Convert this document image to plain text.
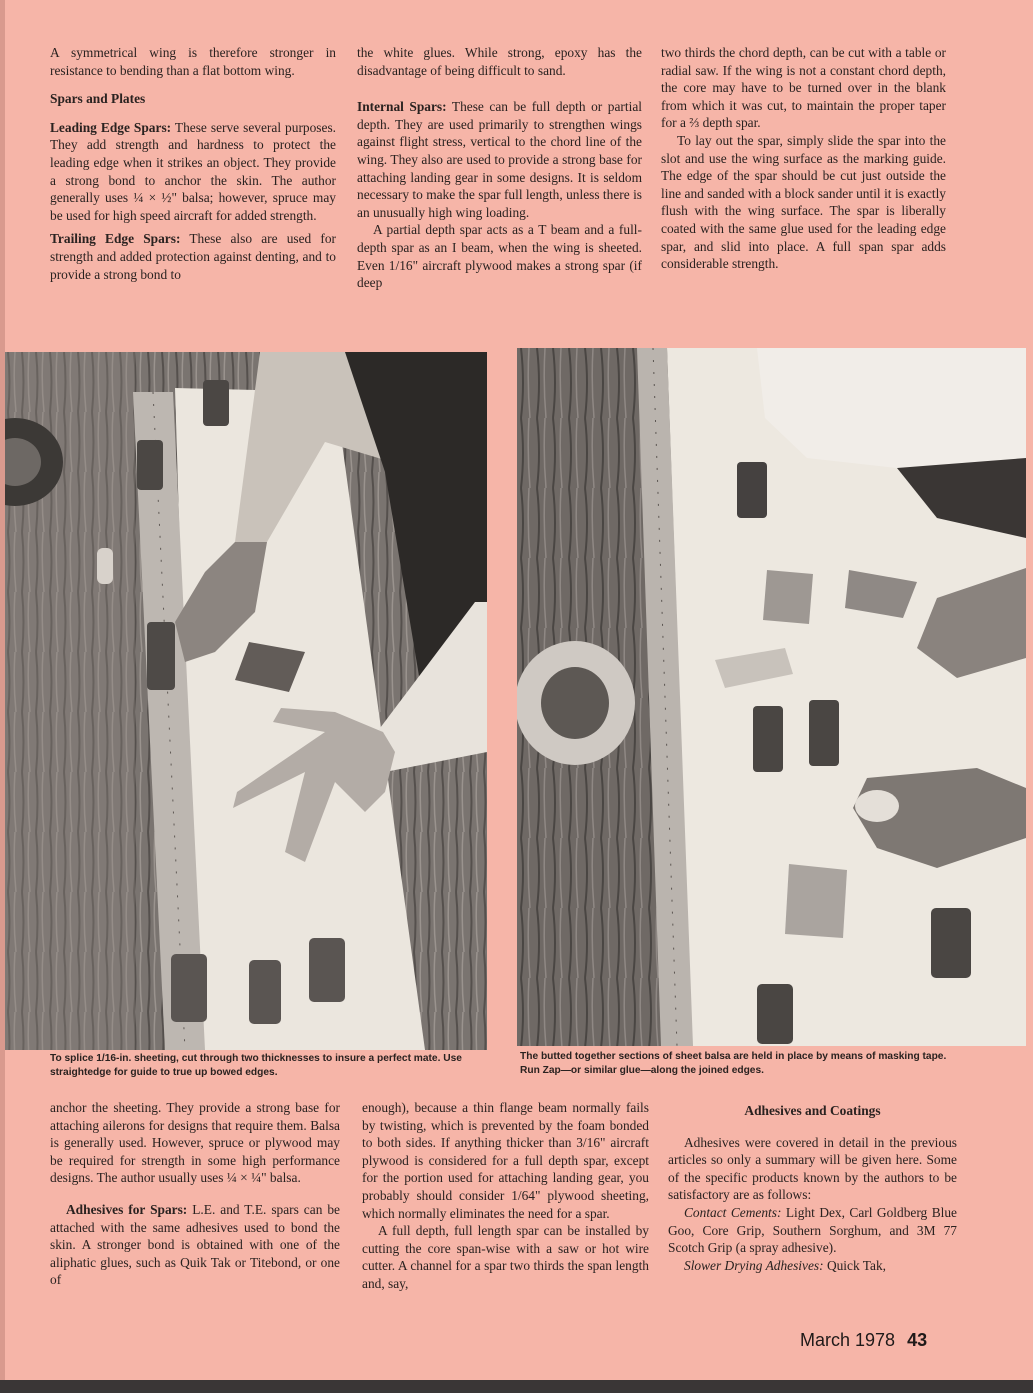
A symmetrical wing is therefore stronger in resistance to bending than a flat bottom wing.

Spars and Plates

Leading Edge Spars: These serve several purposes. They add strength and hardness to protect the leading edge when it strikes an object. They provide a strong bond to anchor the skin. The author generally uses ¼ × ½" balsa; however, spruce may be used for high speed aircraft for added strength.

Trailing Edge Spars: These also are used for strength and added protection against denting, and to provide a strong bond to

the white glues. While strong, epoxy has the disadvantage of being difficult to sand.

Internal Spars: These can be full depth or partial depth. They are used primarily to strengthen wings against flight stress, vertical to the chord line of the wing. They also are used to provide a strong base for attaching landing gear in some designs. It is seldom necessary to make the spar full length, unless there is an unusually high wing loading.

A partial depth spar acts as a T beam and a full-depth spar as an I beam, when the wing is sheeted. Even 1/16" aircraft plywood makes a strong spar (if deep

two thirds the chord depth, can be cut with a table or radial saw. If the wing is not a constant chord depth, the core may have to be turned over in the blank from which it was cut, to maintain the proper taper for a ⅔ depth spar.

To lay out the spar, simply slide the spar into the slot and use the wing surface as the marking guide. The edge of the spar should be cut just outside the line and sanded with a block sander until it is exactly flush with the wing surface. The spar is liberally coated with the same glue used for the leading edge spar, and slid into place. A full span spar adds considerable strength.

To splice 1/16-in. sheeting, cut through two thicknesses to insure a perfect mate. Use straightedge for guide to true up bowed edges.
The butted together sections of sheet balsa are held in place by means of masking tape. Run Zap—or similar glue—along the joined edges.

anchor the sheeting. They provide a strong base for attaching ailerons for designs that require them. Balsa is generally used. However, spruce or plywood may be required for strength in some high performance designs. The author usually uses ¼ × ¼" balsa.

Adhesives for Spars: L.E. and T.E. spars can be attached with the same adhesives used to bond the skin. A stronger bond is obtained with one of the aliphatic glues, such as Quik Tak or Titebond, or one of

enough), because a thin flange beam normally fails by twisting, which is prevented by the foam bonded to both sides. If anything thicker than 3/16" aircraft plywood is considered for a full depth spar, except for the portion used for attaching landing gear, you probably should consider 1/64" plywood sheeting, which normally eliminates the need for a spar.

A full depth, full length spar can be installed by cutting the core span-wise with a saw or hot wire cutter. A channel for a spar two thirds the span length and, say,

Adhesives and Coatings

Adhesives were covered in detail in the previous articles so only a summary will be given here. Some of the specific products known by the authors to be satisfactory are as follows:

Contact Cements: Light Dex, Carl Goldberg Blue Goo, Core Grip, Southern Sorghum, and 3M 77 Scotch Grip (a spray adhesive).

Slower Drying Adhesives: Quick Tak,

March 1978 43
